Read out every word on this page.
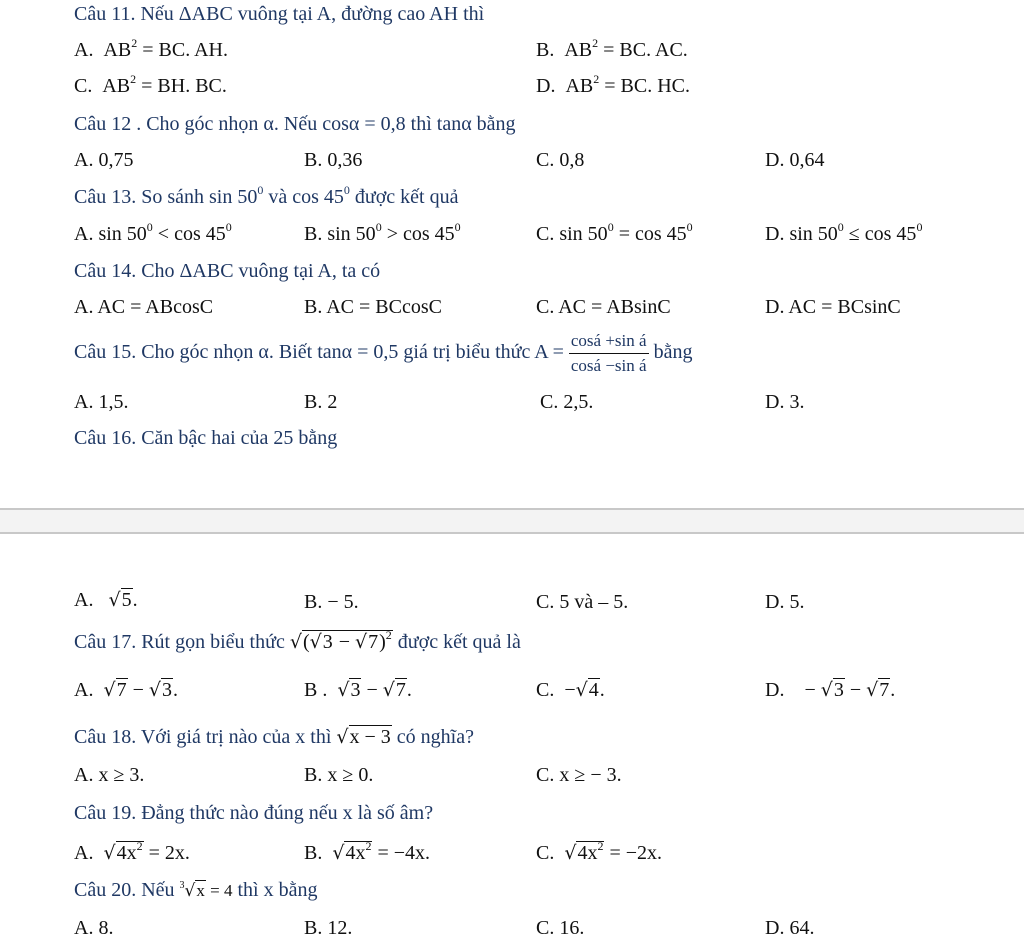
Câu 11. Nếu ΔABC vuông tại A, đường cao AH thì
A. $AB^2$ = BC. AH.	B. $AB^2$ = BC. AC.
C. $AB^2$ = BH. BC.	D. $AB^2$ = BC. HC.
Câu 12 . Cho góc nhọn α. Nếu cosα = 0,8 thì tanα bằng
A. 0,75	B. 0,36	C. 0,8	D. 0,64
Câu 13. So sánh $\sin 50^0$ và $\cos 45^0$ được kết quả
A. $\sin 50^0 < \cos 45^0$	B. $\sin 50^0 > \cos 45^0$	C. $\sin 50^0 = \cos 45^0$	D. $\sin 50^0 \le \cos 45^0$
Câu 14. Cho ΔABC vuông tại A, ta có
A. AC = ABcosC	B. AC = BCcosC	C. AC = ABsinC	D. AC = BCsinC
Câu 15. Cho góc nhọn α. Biết tanα = 0,5 giá trị biểu thức $A = \frac{\text{cosá +sin á}}{\text{cosá −sin á}}$ bằng
A. 1,5.	B. 2	C. 2,5.	D. 3.
Câu 16. Căn bậc hai của 25 bằng
A. √5.	B. − 5.	C. 5 và – 5.	D. 5.
Câu 17. Rút gọn biểu thức $√(√3 - √7)^2$ được kết quả là
A. √7 − √3.	B . √3 − √7.	C. −√4.	D. − √3 − √7.
Câu 18. Với giá trị nào của x thì √x − 3 có nghĩa?
A. x ≥ 3.	B. x ≥ 0.	C. x ≥ − 3.
Câu 19. Đẳng thức nào đúng nếu x là số âm?
A. $√4x^2 = 2x$.	B. $√4x^2 = -4x$.	C. $√4x^2 = -2x$.
Câu 20. Nếu $^3$√x = 4 thì x bằng
A. 8.	B. 12.	C. 16.	D. 64.
